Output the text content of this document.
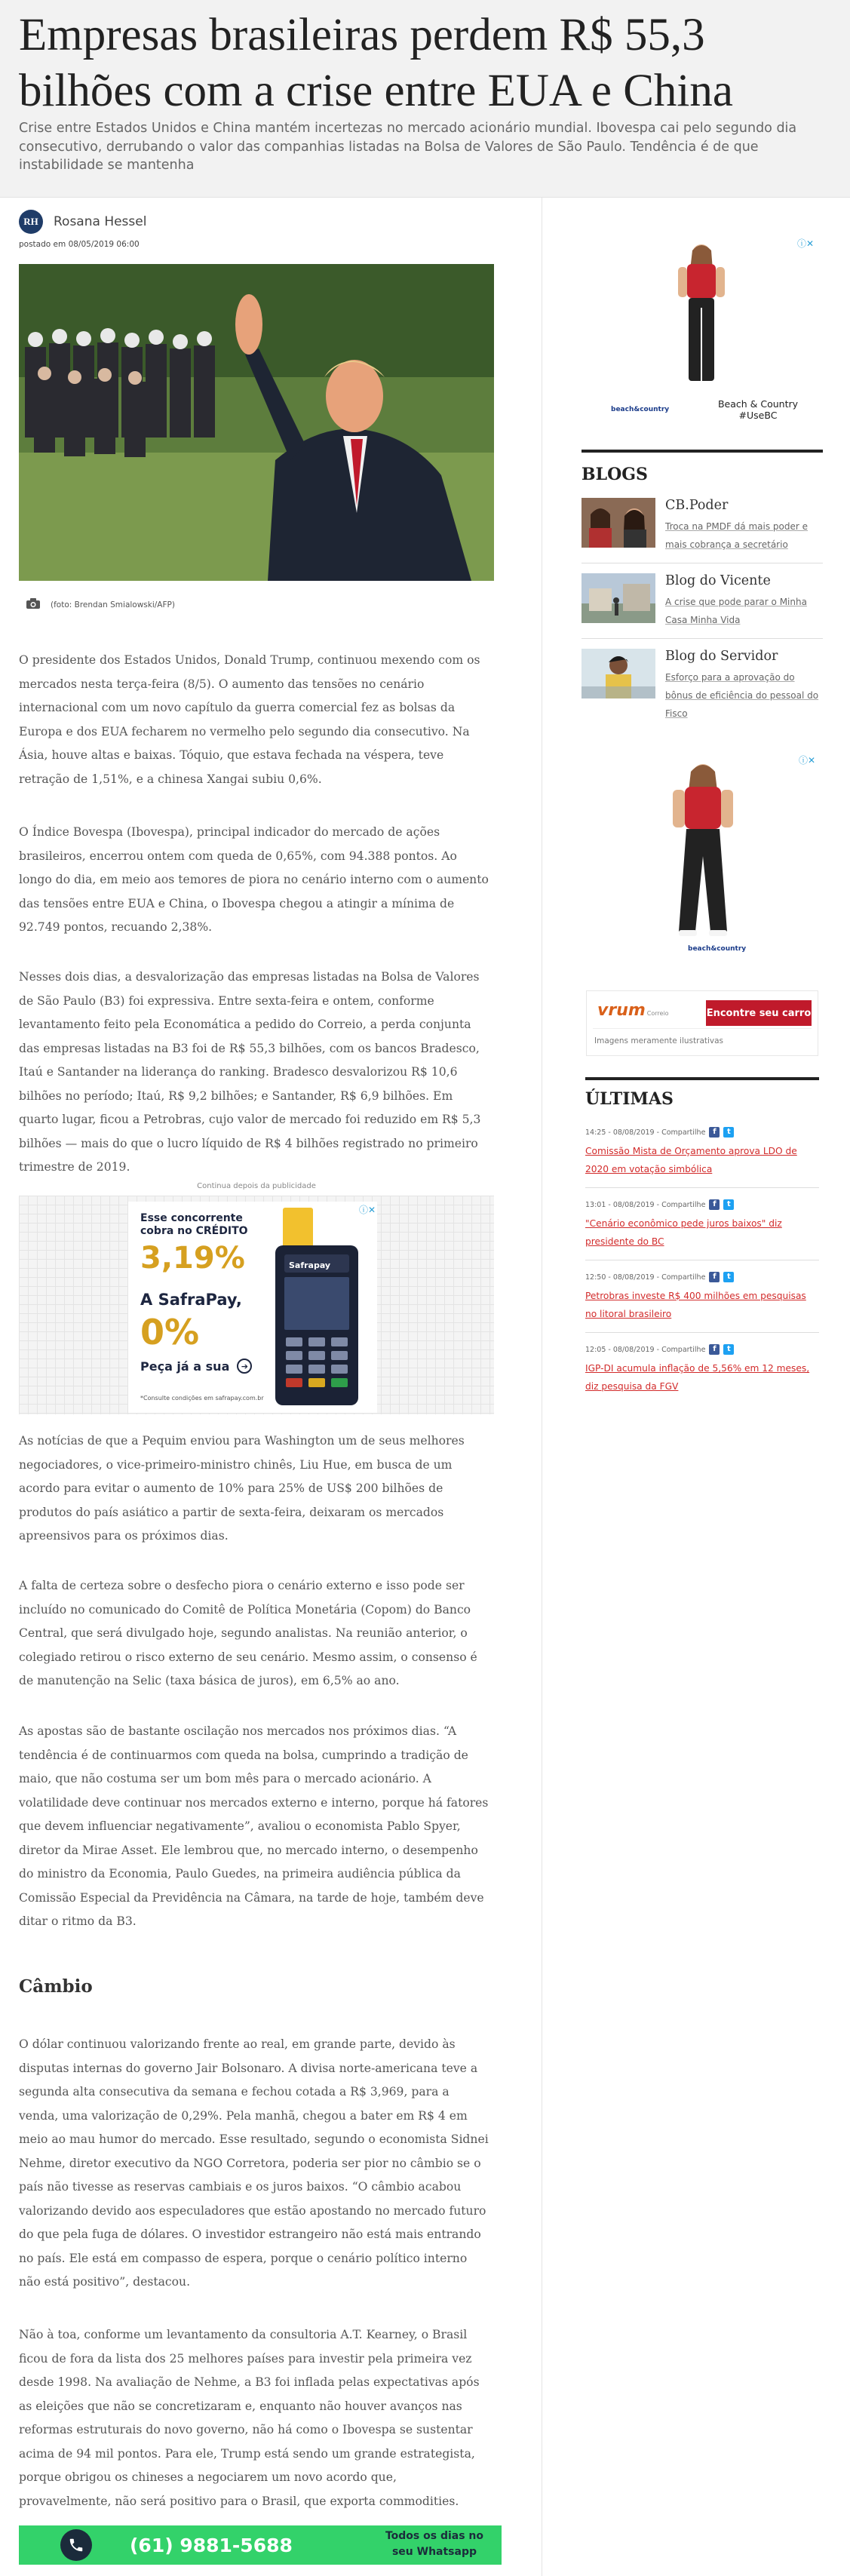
Empresas brasileiras perdem R$ 55,3 bilhões com a crise entre EUA e China

Crise entre Estados Unidos e China mantém incertezas no mercado acionário mundial. Ibovespa cai pelo segundo dia consecutivo, derrubando o valor das companhias listadas na Bolsa de Valores de São Paulo. Tendência é de que instabilidade se mantenha

RH	Rosana Hessel
postado em 08/05/2019 06:00
(foto: Brendan Smialowski/AFP)

O presidente dos Estados Unidos, Donald Trump, continuou mexendo com os mercados nesta terça-feira (8/5). O aumento das tensões no cenário internacional com um novo capítulo da guerra comercial fez as bolsas da Europa e dos EUA fecharem no vermelho pelo segundo dia consecutivo. Na Ásia, houve altas e baixas. Tóquio, que estava fechada na véspera, teve retração de 1,51%, e a chinesa Xangai subiu 0,6%.

O Índice Bovespa (Ibovespa), principal indicador do mercado de ações brasileiros, encerrou ontem com queda de 0,65%, com 94.388 pontos. Ao longo do dia, em meio aos temores de piora no cenário interno com o aumento das tensões entre EUA e China, o Ibovespa chegou a atingir a mínima de 92.749 pontos, recuando 2,38%.

Nesses dois dias, a desvalorização das empresas listadas na Bolsa de Valores de São Paulo (B3) foi expressiva. Entre sexta-feira e ontem, conforme levantamento feito pela Economática a pedido do Correio, a perda conjunta das empresas listadas na B3 foi de R$ 55,3 bilhões, com os bancos Bradesco, Itaú e Santander na liderança do ranking. Bradesco desvalorizou R$ 10,6 bilhões no período; Itaú, R$ 9,2 bilhões; e Santander, R$ 6,9 bilhões. Em quarto lugar, ficou a Petrobras, cujo valor de mercado foi reduzido em R$ 5,3 bilhões — mais do que o lucro líquido de R$ 4 bilhões registrado no primeiro trimestre de 2019.

Continua depois da publicidade
ⓘ✕
Esse concorrente cobra no CRÉDITO
3,19%
A SafraPay,
0%
Peça já a sua	➔
*Consulte condições em safrapay.com.br
Safrapay

As notícias de que a Pequim enviou para Washington um de seus melhores negociadores, o vice-primeiro-ministro chinês, Liu Hue, em busca de um acordo para evitar o aumento de 10% para 25% de US$ 200 bilhões de produtos do país asiático a partir de sexta-feira, deixaram os mercados apreensivos para os próximos dias.

A falta de certeza sobre o desfecho piora o cenário externo e isso pode ser incluído no comunicado do Comitê de Política Monetária (Copom) do Banco Central, que será divulgado hoje, segundo analistas. Na reunião anterior, o colegiado retirou o risco externo de seu cenário. Mesmo assim, o consenso é de manutenção na Selic (taxa básica de juros), em 6,5% ao ano.

As apostas são de bastante oscilação nos mercados nos próximos dias. “A tendência é de continuarmos com queda na bolsa, cumprindo a tradição de maio, que não costuma ser um bom mês para o mercado acionário. A volatilidade deve continuar nos mercados externo e interno, porque há fatores que devem influenciar negativamente”, avaliou o economista Pablo Spyer, diretor da Mirae Asset. Ele lembrou que, no mercado interno, o desempenho do ministro da Economia, Paulo Guedes, na primeira audiência pública da Comissão Especial da Previdência na Câmara, na tarde de hoje, também deve ditar o ritmo da B3.

Câmbio

O dólar continuou valorizando frente ao real, em grande parte, devido às disputas internas do governo Jair Bolsonaro. A divisa norte-americana teve a segunda alta consecutiva da semana e fechou cotada a R$ 3,969, para a venda, uma valorização de 0,29%. Pela manhã, chegou a bater em R$ 4 em meio ao mau humor do mercado. Esse resultado, segundo o economista Sidnei Nehme, diretor executivo da NGO Corretora, poderia ser pior no câmbio se o país não tivesse as reservas cambiais e os juros baixos. “O câmbio acabou valorizando devido aos especuladores que estão apostando no mercado futuro do que pela fuga de dólares. O investidor estrangeiro não está mais entrando no país. Ele está em compasso de espera, porque o cenário político interno não está positivo”, destacou.

Não à toa, conforme um levantamento da consultoria A.T. Kearney, o Brasil ficou de fora da lista dos 25 melhores países para investir pela primeira vez desde 1998. Na avaliação de Nehme, a B3 foi inflada pelas expectativas após as eleições que não se concretizaram e, enquanto não houver avanços nas reformas estruturais do novo governo, não há como o Ibovespa se sustentar acima de 94 mil pontos. Para ele, Trump está sendo um grande estrategista, porque obrigou os chineses a negociarem um novo acordo que, provavelmente, não será positivo para o Brasil, que exporta commodities.

(61) 9881-5688	Todos os dias no seu Whatsapp
ⓘ✕
beach&country	Beach & Country #UseBC
BLOGS
CB.Poder
Troca na PMDF dá mais poder e mais cobrança a secretário
Blog do Vicente
A crise que pode parar o Minha Casa Minha Vida
Blog do Servidor
Esforço para a aprovação do bônus de eficiência do pessoal do Fisco
ⓘ✕
beach&country
vrum Correio	Encontre seu carro
Imagens meramente ilustrativas
ÚLTIMAS
14:25 - 08/08/2019 -
Compartilhe f	t
Comissão Mista de Orçamento aprova LDO de 2020 em votação simbólica
13:01 - 08/08/2019 -
Compartilhe f	t
"Cenário econômico pede juros baixos" diz presidente do BC
12:50 - 08/08/2019 -
Compartilhe f	t
Petrobras investe R$ 400 milhões em pesquisas no litoral brasileiro
12:05 - 08/08/2019 -
Compartilhe f	t
IGP-DI acumula inflação de 5,56% em 12 meses, diz pesquisa da FGV
